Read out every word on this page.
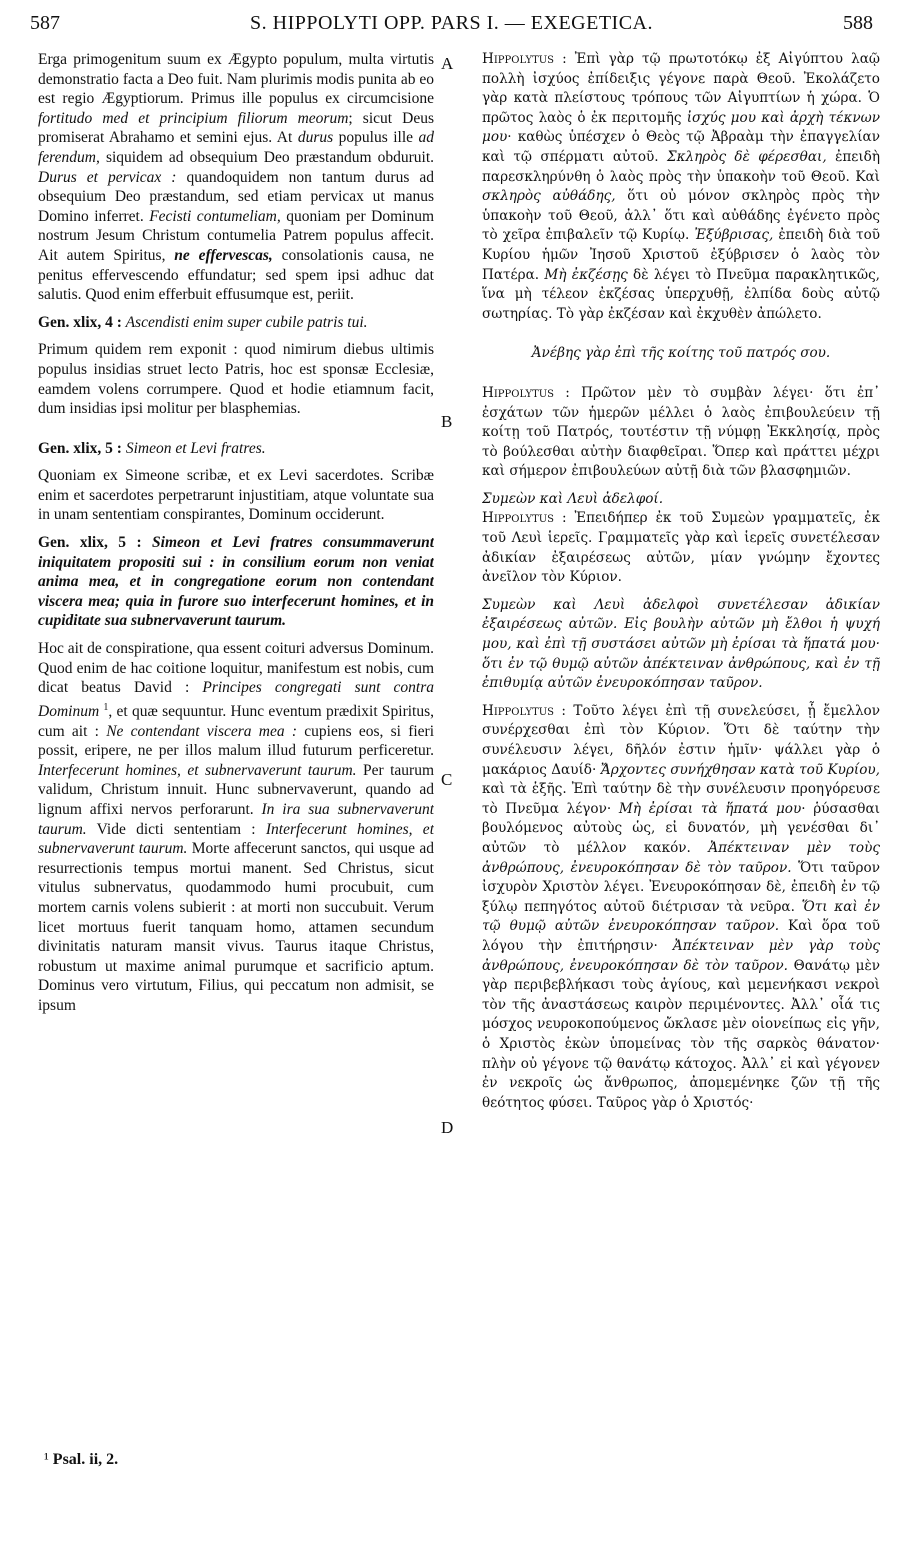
587	S. HIPPOLYTI OPP. PARS I. — EXEGETICA.	588

Erga primogenitum suum ex Ægypto populum, multa virtutis demonstratio facta a Deo fuit. Nam plurimis modis punita ab eo est regio Ægyptiorum. Primus ille populus ex circumcisione fortitudo med et principium filiorum meorum; sicut Deus promiserat Abrahamo et semini ejus. At durus populus ille ad ferendum, siquidem ad obsequium Deo præstandum obduruit. Durus et pervicax : quandoquidem non tantum durus ad obsequium Deo præstandum, sed etiam pervicax ut manus Domino inferret. Fecisti contumeliam, quoniam per Dominum nostrum Jesum Christum contumelia Patrem populus affecit. Ait autem Spiritus, ne effervescas, consolationis causa, ne penitus effervescendo effundatur; sed spem ipsi adhuc dat salutis. Quod enim efferbuit effusumque est, periit.

Gen. xlix, 4 : Ascendisti enim super cubile patris tui.

Primum quidem rem exponit : quod nimirum diebus ultimis populus insidias struet lecto Patris, hoc est sponsæ Ecclesiæ, eamdem volens corrumpere. Quod et hodie etiamnum facit, dum insidias ipsi molitur per blasphemias.

Gen. xlix, 5 : Simeon et Levi fratres.

Quoniam ex Simeone scribæ, et ex Levi sacerdotes. Scribæ enim et sacerdotes perpetrarunt injustitiam, atque voluntate sua in unam sententiam conspirantes, Dominum occiderunt.

Gen. xlix, 5 : Simeon et Levi fratres consummaverunt iniquitatem propositi sui : in consilium eorum non veniat anima mea, et in congregatione eorum non contendant viscera mea; quia in furore suo interfecerunt homines, et in cupiditate sua subnervaverunt taurum.

Hoc ait de conspiratione, qua essent coituri adversus Dominum. Quod enim de hac coitione loquitur, manifestum est nobis, cum dicat beatus David : Principes congregati sunt contra Dominum $^1$, et quæ sequuntur. Hunc eventum prædixit Spiritus, cum ait : Ne contendant viscera mea : cupiens eos, si fieri possit, eripere, ne per illos malum illud futurum perficeretur. Interfecerunt homines, et subnervaverunt taurum. Per taurum validum, Christum innuit. Hunc subnervaverunt, quando ad lignum affixi nervos perforarunt. In ira sua subnervaverunt taurum. Vide dicti sententiam : Interfecerunt homines, et subnervaverunt taurum. Morte affecerunt sanctos, qui usque ad resurrectionis tempus mortui manent. Sed Christus, sicut vitulus subnervatus, quodammodo humi procubuit, cum mortem carnis volens subierit : at morti non succubuit. Verum licet mortuus fuerit tanquam homo, attamen secundum divinitatis naturam mansit vivus. Taurus itaque Christus, robustum ut maxime animal purumque et sacrificio aptum. Dominus vero virtutum, Filius, qui peccatum non admisit, se ipsum

A
B
C
D

Hippolytus : Ἐπὶ γὰρ τῷ πρωτοτόκῳ ἐξ Αἰγύπτου λαῷ πολλὴ ἰσχύος ἐπίδειξις γέγονε παρὰ Θεοῦ. Ἐκολάζετο γὰρ κατὰ πλείστους τρόπους τῶν Αἰγυπτίων ἡ χώρα. Ὁ πρῶτος λαὸς ὁ ἐκ περιτομῆς ἰσχύς μου καὶ ἀρχὴ τέκνων μου· καθὼς ὑπέσχεν ὁ Θεὸς τῷ Ἀβραὰμ τὴν ἐπαγγελίαν καὶ τῷ σπέρματι αὐτοῦ. Σκληρὸς δὲ φέρεσθαι, ἐπειδὴ παρεσκληρύνθη ὁ λαὸς πρὸς τὴν ὑπακοὴν τοῦ Θεοῦ. Καὶ σκληρὸς αὐθάδης, ὅτι οὐ μόνον σκληρὸς πρὸς τὴν ὑπακοὴν τοῦ Θεοῦ, ἀλλ᾽ ὅτι καὶ αὐθάδης ἐγένετο πρὸς τὸ χεῖρα ἐπιβαλεῖν τῷ Κυρίῳ. Ἐξύβρισας, ἐπειδὴ διὰ τοῦ Κυρίου ἡμῶν Ἰησοῦ Χριστοῦ ἐξύβρισεν ὁ λαὸς τὸν Πατέρα. Μὴ ἐκζέσῃς δὲ λέγει τὸ Πνεῦμα παρακλητικῶς, ἵνα μὴ τέλεον ἐκζέσας ὑπερχυθῇ, ἐλπίδα δοὺς αὐτῷ σωτηρίας. Τὸ γὰρ ἐκζέσαν καὶ ἐκχυθὲν ἀπώλετο.

Ἀνέβης γὰρ ἐπὶ τῆς κοίτης τοῦ πατρός σου.

Hippolytus : Πρῶτον μὲν τὸ συμβὰν λέγει· ὅτι ἐπ᾽ ἐσχάτων τῶν ἡμερῶν μέλλει ὁ λαὸς ἐπιβουλεύειν τῇ κοίτῃ τοῦ Πατρός, τουτέστιν τῇ νύμφῃ Ἐκκλησίᾳ, πρὸς τὸ βούλεσθαι αὐτὴν διαφθεῖραι. Ὅπερ καὶ πράττει μέχρι καὶ σήμερον ἐπιβουλεύων αὐτῇ διὰ τῶν βλασφημιῶν.

Συμεὼν καὶ Λευὶ ἀδελφοί.

Hippolytus : Ἐπειδήπερ ἐκ τοῦ Συμεὼν γραμματεῖς, ἐκ τοῦ Λευὶ ἱερεῖς. Γραμματεῖς γὰρ καὶ ἱερεῖς συνετέλεσαν ἀδικίαν ἐξαιρέσεως αὐτῶν, μίαν γνώμην ἔχοντες ἀνεῖλον τὸν Κύριον.

Συμεὼν καὶ Λευὶ ἀδελφοὶ συνετέλεσαν ἀδικίαν ἐξαιρέσεως αὐτῶν. Εἰς βουλὴν αὐτῶν μὴ ἔλθοι ἡ ψυχή μου, καὶ ἐπὶ τῇ συστάσει αὐτῶν μὴ ἐρίσαι τὰ ἥπατά μου· ὅτι ἐν τῷ θυμῷ αὐτῶν ἀπέκτειναν ἀνθρώπους, καὶ ἐν τῇ ἐπιθυμίᾳ αὐτῶν ἐνευροκόπησαν ταῦρον.

Hippolytus : Τοῦτο λέγει ἐπὶ τῇ συνελεύσει, ᾗ ἔμελλον συνέρχεσθαι ἐπὶ τὸν Κύριον. Ὅτι δὲ ταύτην τὴν συνέλευσιν λέγει, δῆλόν ἐστιν ἡμῖν· ψάλλει γὰρ ὁ μακάριος Δαυίδ· Ἄρχοντες συνήχθησαν κατὰ τοῦ Κυρίου, καὶ τὰ ἑξῆς. Ἐπὶ ταύτην δὲ τὴν συνέλευσιν προηγόρευσε τὸ Πνεῦμα λέγον· Μὴ ἐρίσαι τὰ ἥπατά μου· ῥύσασθαι βουλόμενος αὐτοὺς ὡς, εἰ δυνατόν, μὴ γενέσθαι δι᾽ αὐτῶν τὸ μέλλον κακόν. Ἀπέκτειναν μὲν τοὺς ἀνθρώπους, ἐνευροκόπησαν δὲ τὸν ταῦρον. Ὅτι ταῦρον ἰσχυρὸν Χριστὸν λέγει. Ἐνευροκόπησαν δὲ, ἐπειδὴ ἐν τῷ ξύλῳ πεπηγότος αὐτοῦ διέτρισαν τὰ νεῦρα. Ὅτι καὶ ἐν τῷ θυμῷ αὐτῶν ἐνευροκόπησαν ταῦρον. Καὶ ὅρα τοῦ λόγου τὴν ἐπιτήρησιν· Ἀπέκτειναν μὲν γὰρ τοὺς ἀνθρώπους, ἐνευροκόπησαν δὲ τὸν ταῦρον. Θανάτῳ μὲν γὰρ περιβεβλήκασι τοὺς ἁγίους, καὶ μεμενήκασι νεκροὶ τὸν τῆς ἀναστάσεως καιρὸν περιμένοντες. Ἀλλ᾽ οἷά τις μόσχος νευροκοπούμενος ὤκλασε μὲν οἱονείπως εἰς γῆν, ὁ Χριστὸς ἑκὼν ὑπομείνας τὸν τῆς σαρκὸς θάνατον· πλὴν οὐ γέγονε τῷ θανάτῳ κάτοχος. Ἀλλ᾽ εἰ καὶ γέγονεν ἐν νεκροῖς ὡς ἄνθρωπος, ἀπομεμένηκε ζῶν τῇ τῆς θεότητος φύσει. Ταῦρος γὰρ ὁ Χριστός·

¹ Psal. ii, 2.
